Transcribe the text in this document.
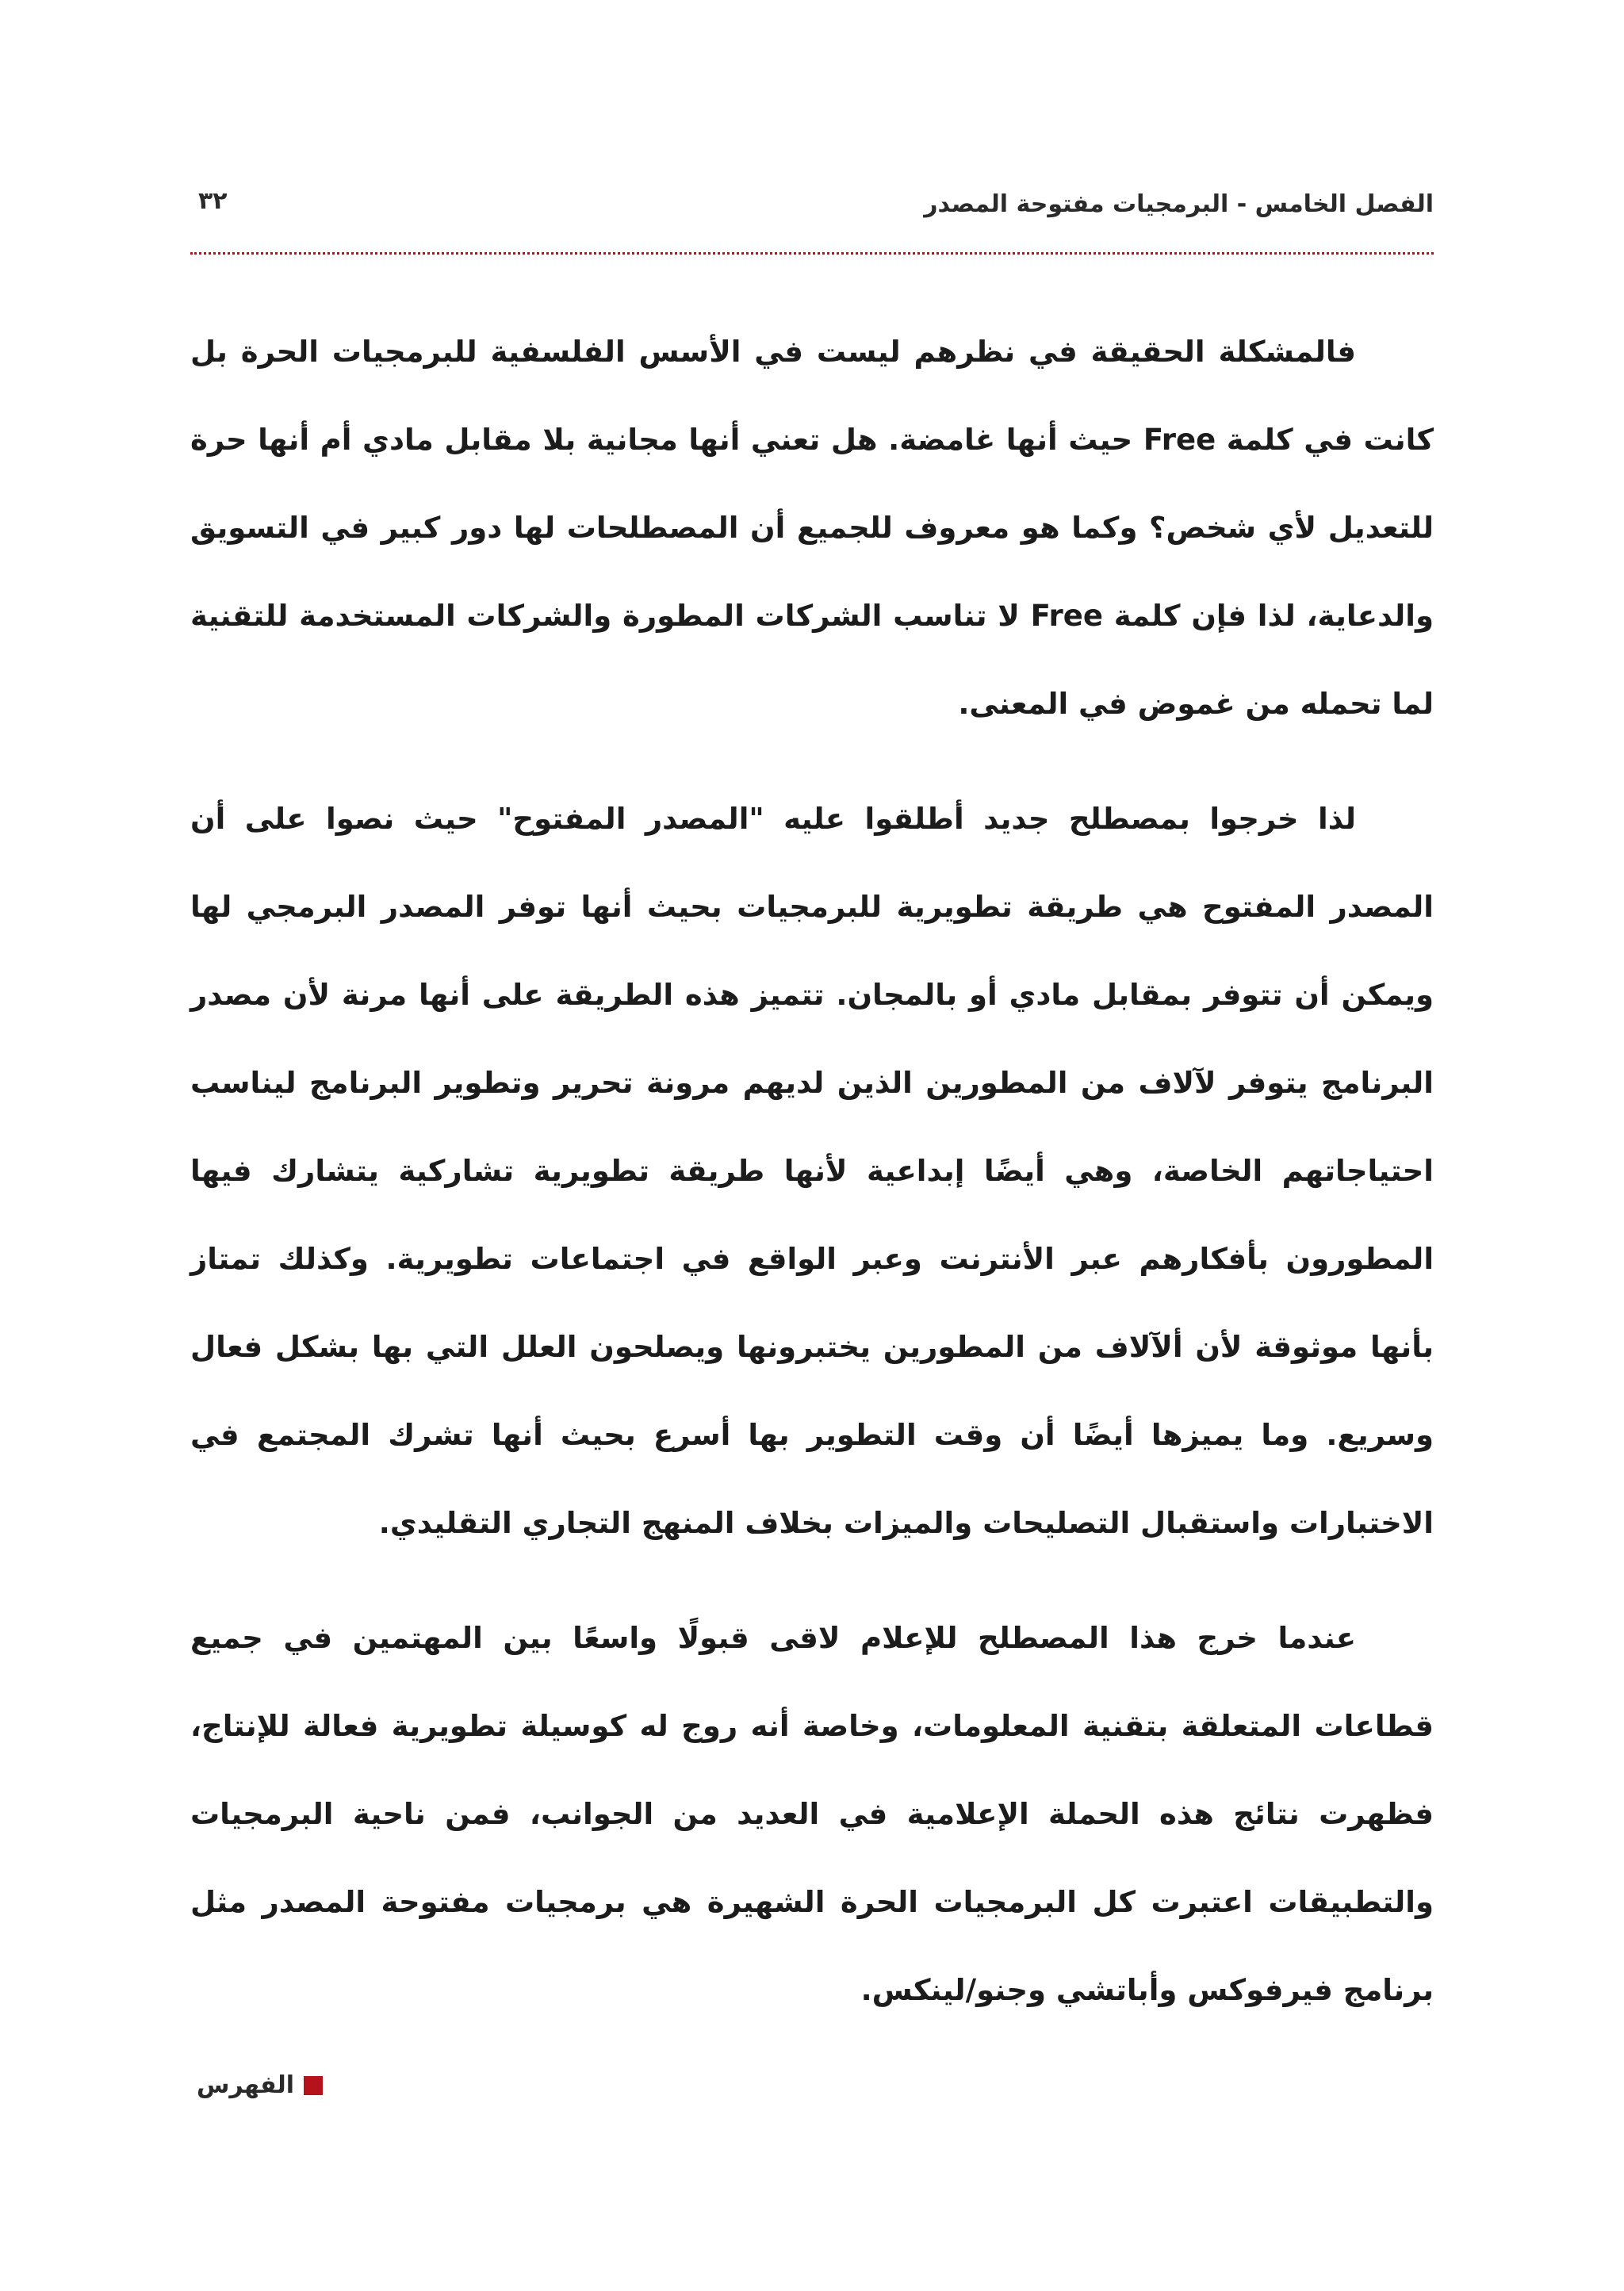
الفصل الخامس - البرمجيات مفتوحة المصدر
٣٢

فالمشكلة الحقيقة في نظرهم ليست في الأسس الفلسفية للبرمجيات الحرة بل كانت في كلمة Free حيث أنها غامضة. هل تعني أنها مجانية بلا مقابل مادي أم أنها حرة للتعديل لأي شخص؟ وكما هو معروف للجميع أن المصطلحات لها دور كبير في التسويق والدعاية، لذا فإن كلمة Free لا تناسب الشركات المطورة والشركات المستخدمة للتقنية لما تحمله من غموض في المعنى.

لذا خرجوا بمصطلح جديد أطلقوا عليه "المصدر المفتوح" حيث نصوا على أن المصدر المفتوح هي طريقة تطويرية للبرمجيات بحيث أنها توفر المصدر البرمجي لها ويمكن أن تتوفر بمقابل مادي أو بالمجان. تتميز هذه الطريقة على أنها مرنة لأن مصدر البرنامج يتوفر لآلاف من المطورين الذين لديهم مرونة تحرير وتطوير البرنامج ليناسب احتياجاتهم الخاصة، وهي أيضًا إبداعية لأنها طريقة تطويرية تشاركية يتشارك فيها المطورون بأفكارهم عبر الأنترنت وعبر الواقع في اجتماعات تطويرية. وكذلك تمتاز بأنها موثوقة لأن ألآلاف من المطورين يختبرونها ويصلحون العلل التي بها بشكل فعال وسريع. وما يميزها أيضًا أن وقت التطوير بها أسرع بحيث أنها تشرك المجتمع في الاختبارات واستقبال التصليحات والميزات بخلاف المنهج التجاري التقليدي.

عندما خرج هذا المصطلح للإعلام لاقى قبولًا واسعًا بين المهتمين في جميع قطاعات المتعلقة بتقنية المعلومات، وخاصة أنه روج له كوسيلة تطويرية فعالة للإنتاج، فظهرت نتائج هذه الحملة الإعلامية في العديد من الجوانب، فمن ناحية البرمجيات والتطبيقات اعتبرت كل البرمجيات الحرة الشهيرة هي برمجيات مفتوحة المصدر مثل برنامج فيرفوكس وأباتشي وجنو/لينكس.

الفهرس
